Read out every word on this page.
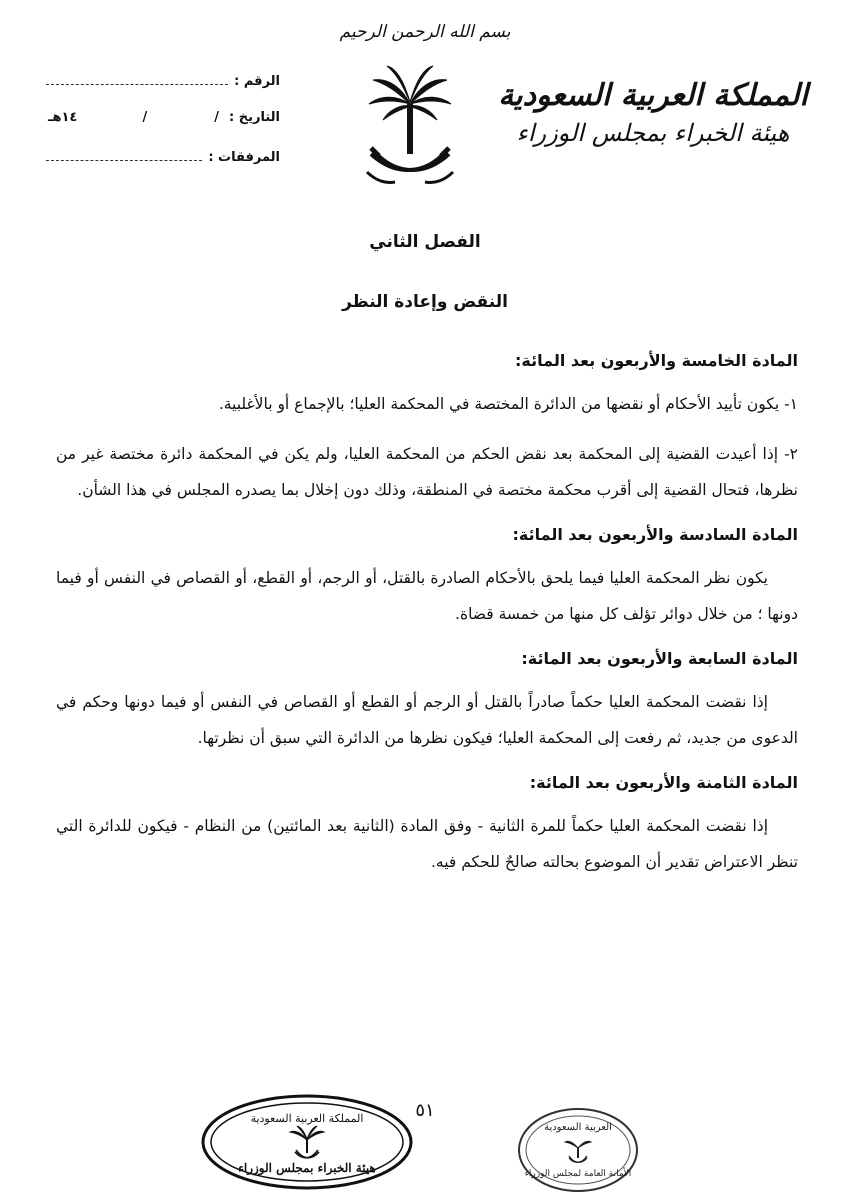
بسم الله الرحمن الرحيم
المملكة العربية السعودية
هيئة الخبراء بمجلس الوزراء
الرقم :
التاريخ :
/
/
١٤هـ
المرفقات :
الفصل الثاني
النقض وإعادة النظر

المادة الخامسة والأربعون بعد المائة:

١- يكون تأييد الأحكام أو نقضها من الدائرة المختصة في المحكمة العليا؛ بالإجماع أو بالأغلبية.

٢- إذا أعيدت القضية إلى المحكمة بعد نقض الحكم من المحكمة العليا، ولم يكن في المحكمة دائرة مختصة غير من نظرها، فتحال القضية إلى أقرب محكمة مختصة في المنطقة، وذلك دون إخلال بما يصدره المجلس في هذا الشأن.

المادة السادسة والأربعون بعد المائة:

يكون نظر المحكمة العليا فيما يلحق بالأحكام الصادرة بالقتل، أو الرجم، أو القطع، أو القصاص في النفس أو فيما دونها ؛ من خلال دوائر تؤلف كل منها من خمسة قضاة.

المادة السابعة والأربعون بعد المائة:

إذا نقضت المحكمة العليا حكماً صادراً بالقتل أو الرجم أو القطع أو القصاص في النفس أو فيما دونها وحكم في الدعوى من جديد، ثم رفعت إلى المحكمة العليا؛ فيكون نظرها من الدائرة التي سبق أن نظرتها.

المادة الثامنة والأربعون بعد المائة:

إذا نقضت المحكمة العليا حكماً للمرة الثانية - وفق المادة (الثانية بعد المائتين) من النظام - فيكون للدائرة التي تنظر الاعتراض تقدير أن الموضوع بحالته صالحٌ للحكم فيه.

٥١
المملكة العربية السعودية
هيئة الخبراء بمجلس الوزراء
العربية السعودية
الأمانة العامة لمجلس الوزراء
